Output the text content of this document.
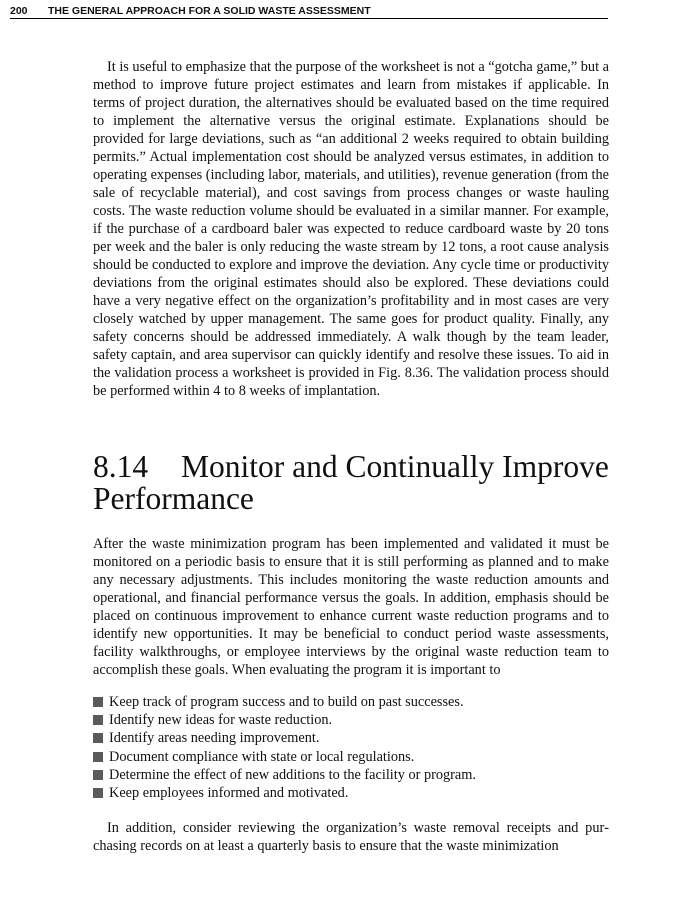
200 THE GENERAL APPROACH FOR A SOLID WASTE ASSESSMENT

It is useful to emphasize that the purpose of the worksheet is not a “gotcha game,” but a method to improve future project estimates and learn from mistakes if applicable. In terms of project duration, the alternatives should be evaluated based on the time required to implement the alternative versus the original estimate. Explanations should be provided for large deviations, such as “an additional 2 weeks required to obtain building permits.” Actual implementation cost should be analyzed versus estimates, in addition to operating expenses (including labor, materials, and utilities), revenue generation (from the sale of recyclable material), and cost savings from process changes or waste hauling costs. The waste reduction volume should be evaluated in a similar manner. For example, if the purchase of a cardboard baler was expected to reduce cardboard waste by 20 tons per week and the baler is only reducing the waste stream by 12 tons, a root cause analysis should be conducted to explore and improve the deviation. Any cycle time or productivity deviations from the original estimates should also be explored. These deviations could have a very negative effect on the organization’s profitability and in most cases are very closely watched by upper management. The same goes for product quality. Finally, any safety concerns should be addressed immediately. A walk though by the team leader, safety captain, and area supervisor can quickly identify and resolve these issues. To aid in the validation process a worksheet is provided in Fig. 8.36. The validation process should be performed within 4 to 8 weeks of implantation.

8.14 Monitor and Continually Improve Performance

After the waste minimization program has been implemented and validated it must be monitored on a periodic basis to ensure that it is still performing as planned and to make any necessary adjustments. This includes monitoring the waste reduction amounts and operational, and financial performance versus the goals. In addition, emphasis should be placed on continuous improvement to enhance current waste reduction programs and to identify new opportunities. It may be beneficial to conduct period waste assessments, facility walkthroughs, or employee interviews by the original waste reduction team to accomplish these goals. When evaluating the program it is important to

Keep track of program success and to build on past successes.
Identify new ideas for waste reduction.
Identify areas needing improvement.
Document compliance with state or local regulations.
Determine the effect of new additions to the facility or program.
Keep employees informed and motivated.

In addition, consider reviewing the organization’s waste removal receipts and purchasing records on at least a quarterly basis to ensure that the waste minimization
